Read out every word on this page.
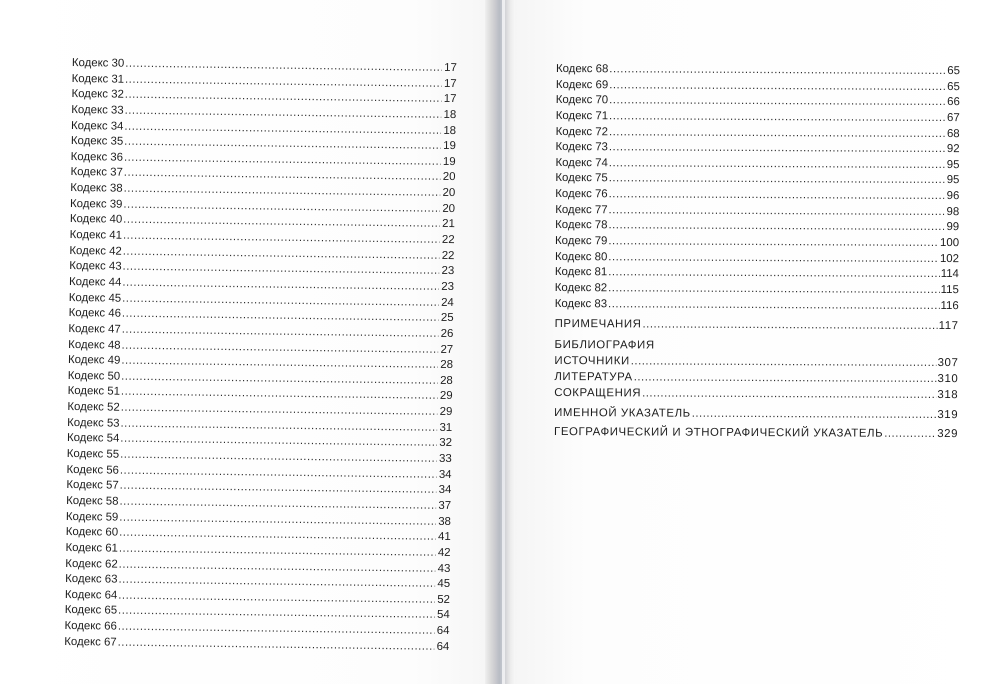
Кодекс 30 .....	17
Кодекс 31 .....	17
Кодекс 32 .....	17
Кодекс 33 .....	18
Кодекс 34 .....	18
Кодекс 35 .....	19
Кодекс 36 .....	19
Кодекс 37 .....	20
Кодекс 38 .....	20
Кодекс 39 .....	20
Кодекс 40 .....	21
Кодекс 41 .....	22
Кодекс 42 .....	22
Кодекс 43 .....	23
Кодекс 44 .....	23
Кодекс 45 .....	24
Кодекс 46 .....	25
Кодекс 47 .....	26
Кодекс 48 .....	27
Кодекс 49 .....	28
Кодекс 50 .....	28
Кодекс 51 .....	29
Кодекс 52 .....	29
Кодекс 53 .....	31
Кодекс 54 .....	32
Кодекс 55 .....	33
Кодекс 56 .....	34
Кодекс 57 .....	34
Кодекс 58 .....	37
Кодекс 59 .....	38
Кодекс 60 .....	41
Кодекс 61 .....	42
Кодекс 62 .....	43
Кодекс 63 .....	45
Кодекс 64 .....	52
Кодекс 65 .....	54
Кодекс 66 .....	64
Кодекс 67 .....	64
Кодекс 68 .....	65
Кодекс 69 .....	65
Кодекс 70 .....	66
Кодекс 71 .....	67
Кодекс 72 .....	68
Кодекс 73 .....	92
Кодекс 74 .....	95
Кодекс 75 .....	95
Кодекс 76 .....	96
Кодекс 77 .....	98
Кодекс 78 .....	99
Кодекс 79 .....	100
Кодекс 80 .....	102
Кодекс 81 .....	114
Кодекс 82 .....	115
Кодекс 83 .....	116
ПРИМЕЧАНИЯ .....	117
БИБЛИОГРАФИЯ
ИСТОЧНИКИ .....	307
ЛИТЕРАТУРА .....	310
СОКРАЩЕНИЯ .....	318
ИМЕННОЙ УКАЗАТЕЛЬ .....	319
ГЕОГРАФИЧЕСКИЙ И ЭТНОГРАФИЧЕСКИЙ УКАЗАТЕЛЬ .....	329
